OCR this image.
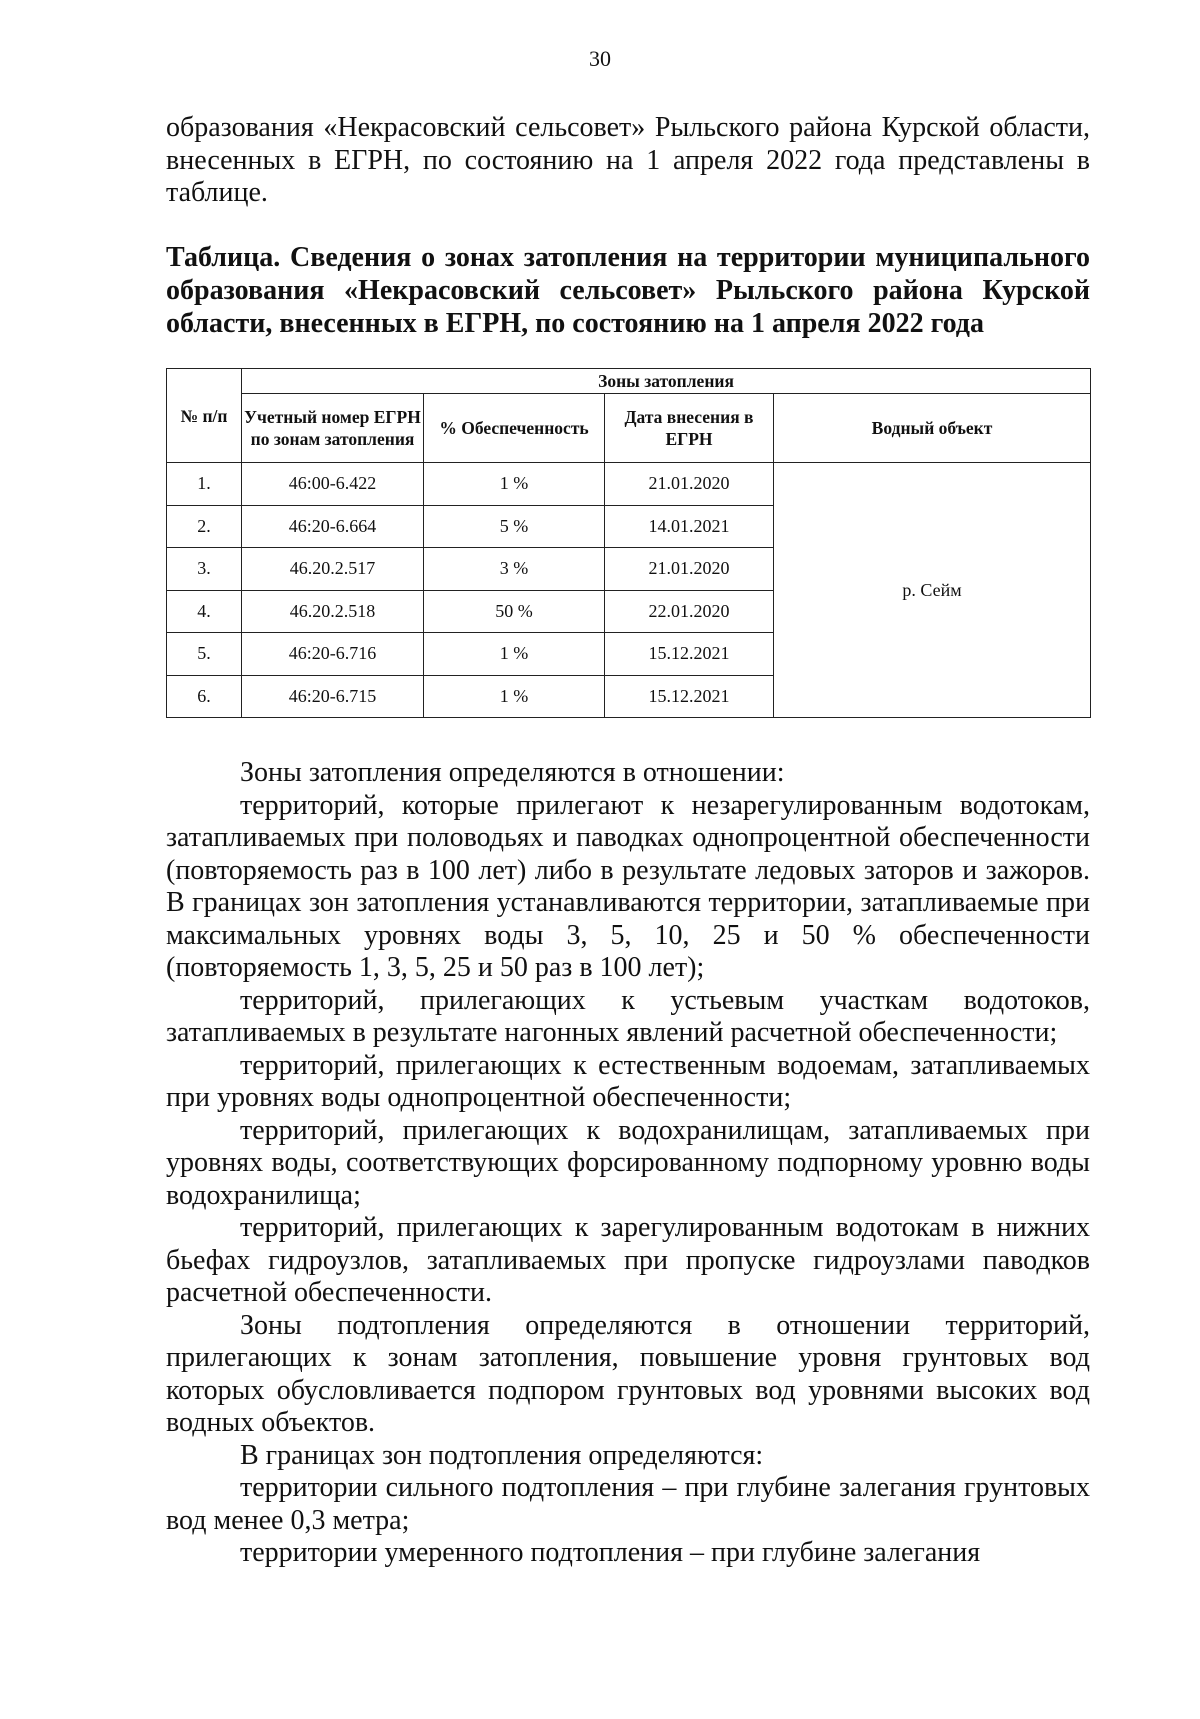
30
образования «Некрасовский сельсовет» Рыльского района Курской области, внесенных в ЕГРН, по состоянию на 1 апреля 2022 года представлены в таблице.
Таблица. Сведения о зонах затопления на территории муниципального образования «Некрасовский сельсовет» Рыльского района Курской области, внесенных в ЕГРН, по состоянию на 1 апреля 2022 года
№ п/п	Зоны затопления			
	Учетный номер ЕГРН по зонам затопления	% Обеспеченность	Дата внесения в ЕГРН	Водный объект
1.	46:00-6.422	1 %	21.01.2020	р. Сейм
2.	46:20-6.664	5 %	14.01.2021	
3.	46.20.2.517	3 %	21.01.2020	
4.	46.20.2.518	50 %	22.01.2020	
5.	46:20-6.716	1 %	15.12.2021	
6.	46:20-6.715	1 %	15.12.2021	

Зоны затопления определяются в отношении:

территорий, которые прилегают к незарегулированным водотокам, затапливаемых при половодьях и паводках однопроцентной обеспеченности (повторяемость раз в 100 лет) либо в результате ледовых заторов и зажоров. В границах зон затопления устанавливаются территории, затапливаемые при максимальных уровнях воды 3, 5, 10, 25 и 50 % обеспеченности (повторяемость 1, 3, 5, 25 и 50 раз в 100 лет);

территорий, прилегающих к устьевым участкам водотоков, затапливаемых в результате нагонных явлений расчетной обеспеченности;

территорий, прилегающих к естественным водоемам, затапливаемых при уровнях воды однопроцентной обеспеченности;

территорий, прилегающих к водохранилищам, затапливаемых при уровнях воды, соответствующих форсированному подпорному уровню воды водохранилища;

территорий, прилегающих к зарегулированным водотокам в нижних бьефах гидроузлов, затапливаемых при пропуске гидроузлами паводков расчетной обеспеченности.

Зоны подтопления определяются в отношении территорий, прилегающих к зонам затопления, повышение уровня грунтовых вод которых обусловливается подпором грунтовых вод уровнями высоких вод водных объектов.

В границах зон подтопления определяются:

территории сильного подтопления – при глубине залегания грунтовых вод менее 0,3 метра;

территории умеренного подтопления – при глубине залегания
